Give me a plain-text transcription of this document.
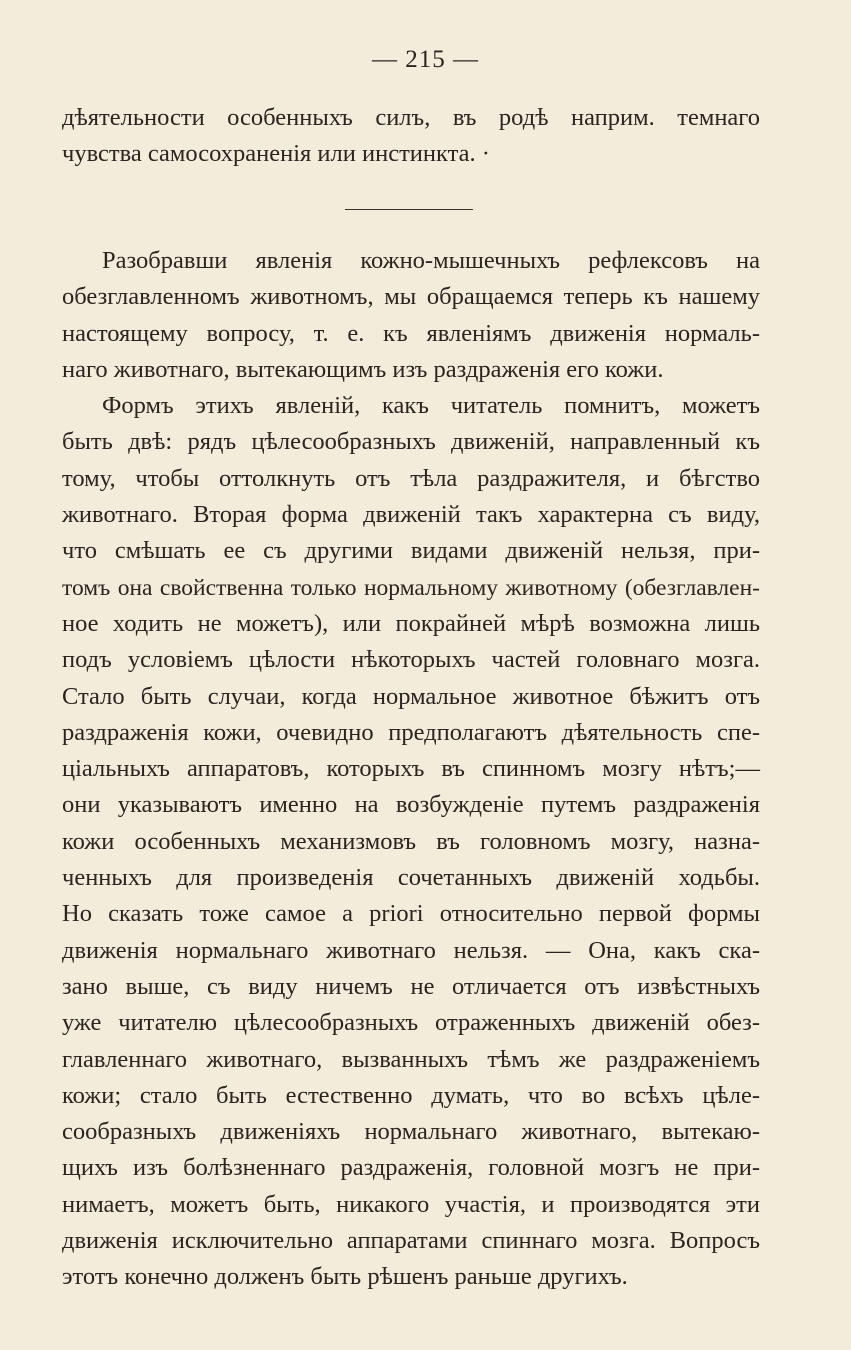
— 215 —
дѣятельности особенныхъ силъ, въ родѣ наприм. темнаго
чувства самосохраненія или инстинкта. ·
Разобравши явленія кожно-мышечныхъ рефлексовъ на
обезглавленномъ животномъ, мы обращаемся теперь къ нашему
настоящему вопросу, т. е. къ явленіямъ движенія нормаль-
наго животнаго, вытекающимъ изъ раздраженія его кожи.
Формъ этихъ явленій, какъ читатель помнитъ, можетъ
быть двѣ: рядъ цѣлесообразныхъ движеній, направленный къ
тому, чтобы оттолкнуть отъ тѣла раздражителя, и бѣгство
животнаго. Вторая форма движеній такъ характерна съ виду,
что смѣшать ее съ другими видами движеній нельзя, при-
томъ она свойственна только нормальному животному (обезглавлен-
ное ходить не можетъ), или покрайней мѣрѣ возможна лишь
подъ условіемъ цѣлости нѣкоторыхъ частей головнаго мозга.
Стало быть случаи, когда нормальное животное бѣжитъ отъ
раздраженія кожи, очевидно предполагаютъ дѣятельность спе-
ціальныхъ аппаратовъ, которыхъ въ спинномъ мозгу нѣтъ;—
они указываютъ именно на возбужденіе путемъ раздраженія
кожи особенныхъ механизмовъ въ головномъ мозгу, назна-
ченныхъ для произведенія сочетанныхъ движеній ходьбы.
Но сказать тоже самое a priori относительно первой формы
движенія нормальнаго животнаго нельзя. — Она, какъ ска-
зано выше, съ виду ничемъ не отличается отъ извѣстныхъ
уже читателю цѣлесообразныхъ отраженныхъ движеній обез-
главленнаго животнаго, вызванныхъ тѣмъ же раздраженіемъ
кожи; стало быть естественно думать, что во всѣхъ цѣле-
сообразныхъ движеніяхъ нормальнаго животнаго, вытекаю-
щихъ изъ болѣзненнаго раздраженія, головной мозгъ не при-
нимаетъ, можетъ быть, никакого участія, и производятся эти
движенія исключительно аппаратами спиннаго мозга. Вопросъ
этотъ конечно долженъ быть рѣшенъ раньше другихъ.
